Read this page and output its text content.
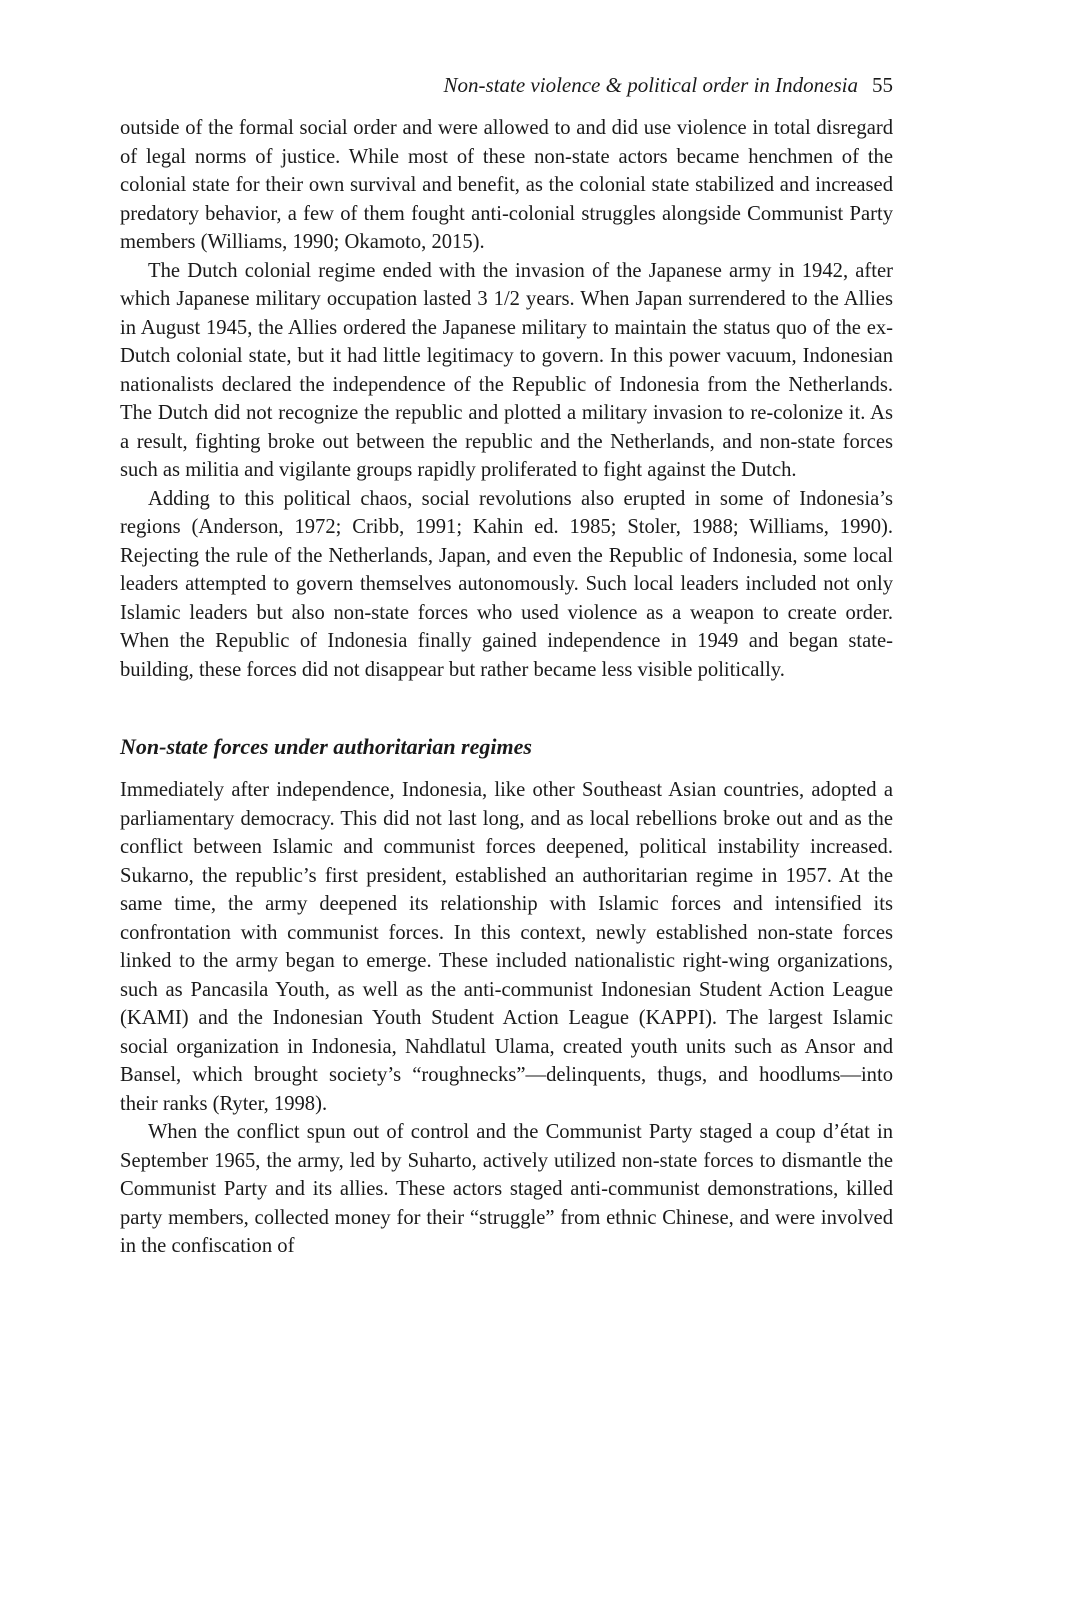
Non-state violence & political order in Indonesia 55

outside of the formal social order and were allowed to and did use violence in total disregard of legal norms of justice. While most of these non-state actors became henchmen of the colonial state for their own survival and benefit, as the colonial state stabilized and increased predatory behavior, a few of them fought anti-colonial struggles alongside Communist Party members (Williams, 1990; Okamoto, 2015).

The Dutch colonial regime ended with the invasion of the Japanese army in 1942, after which Japanese military occupation lasted 3 1/2 years. When Japan surrendered to the Allies in August 1945, the Allies ordered the Japanese military to maintain the status quo of the ex-Dutch colonial state, but it had little legitimacy to govern. In this power vacuum, Indonesian nationalists declared the independence of the Republic of Indonesia from the Netherlands. The Dutch did not recognize the republic and plotted a military invasion to re-colonize it. As a result, fighting broke out between the republic and the Netherlands, and non-state forces such as militia and vigilante groups rapidly proliferated to fight against the Dutch.

Adding to this political chaos, social revolutions also erupted in some of Indonesia’s regions (Anderson, 1972; Cribb, 1991; Kahin ed. 1985; Stoler, 1988; Williams, 1990). Rejecting the rule of the Netherlands, Japan, and even the Republic of Indonesia, some local leaders attempted to govern themselves autonomously. Such local leaders included not only Islamic leaders but also non-state forces who used violence as a weapon to create order. When the Republic of Indonesia finally gained independence in 1949 and began state-building, these forces did not disappear but rather became less visible politically.

Non-state forces under authoritarian regimes

Immediately after independence, Indonesia, like other Southeast Asian countries, adopted a parliamentary democracy. This did not last long, and as local rebellions broke out and as the conflict between Islamic and communist forces deepened, political instability increased. Sukarno, the republic’s first president, established an authoritarian regime in 1957. At the same time, the army deepened its relationship with Islamic forces and intensified its confrontation with communist forces. In this context, newly established non-state forces linked to the army began to emerge. These included nationalistic right-wing organizations, such as Pancasila Youth, as well as the anti-communist Indonesian Student Action League (KAMI) and the Indonesian Youth Student Action League (KAPPI). The largest Islamic social organization in Indonesia, Nahdlatul Ulama, created youth units such as Ansor and Bansel, which brought society’s “roughnecks”—delinquents, thugs, and hoodlums—into their ranks (Ryter, 1998).

When the conflict spun out of control and the Communist Party staged a coup d’état in September 1965, the army, led by Suharto, actively utilized non-state forces to dismantle the Communist Party and its allies. These actors staged anti-communist demonstrations, killed party members, collected money for their “struggle” from ethnic Chinese, and were involved in the confiscation of
